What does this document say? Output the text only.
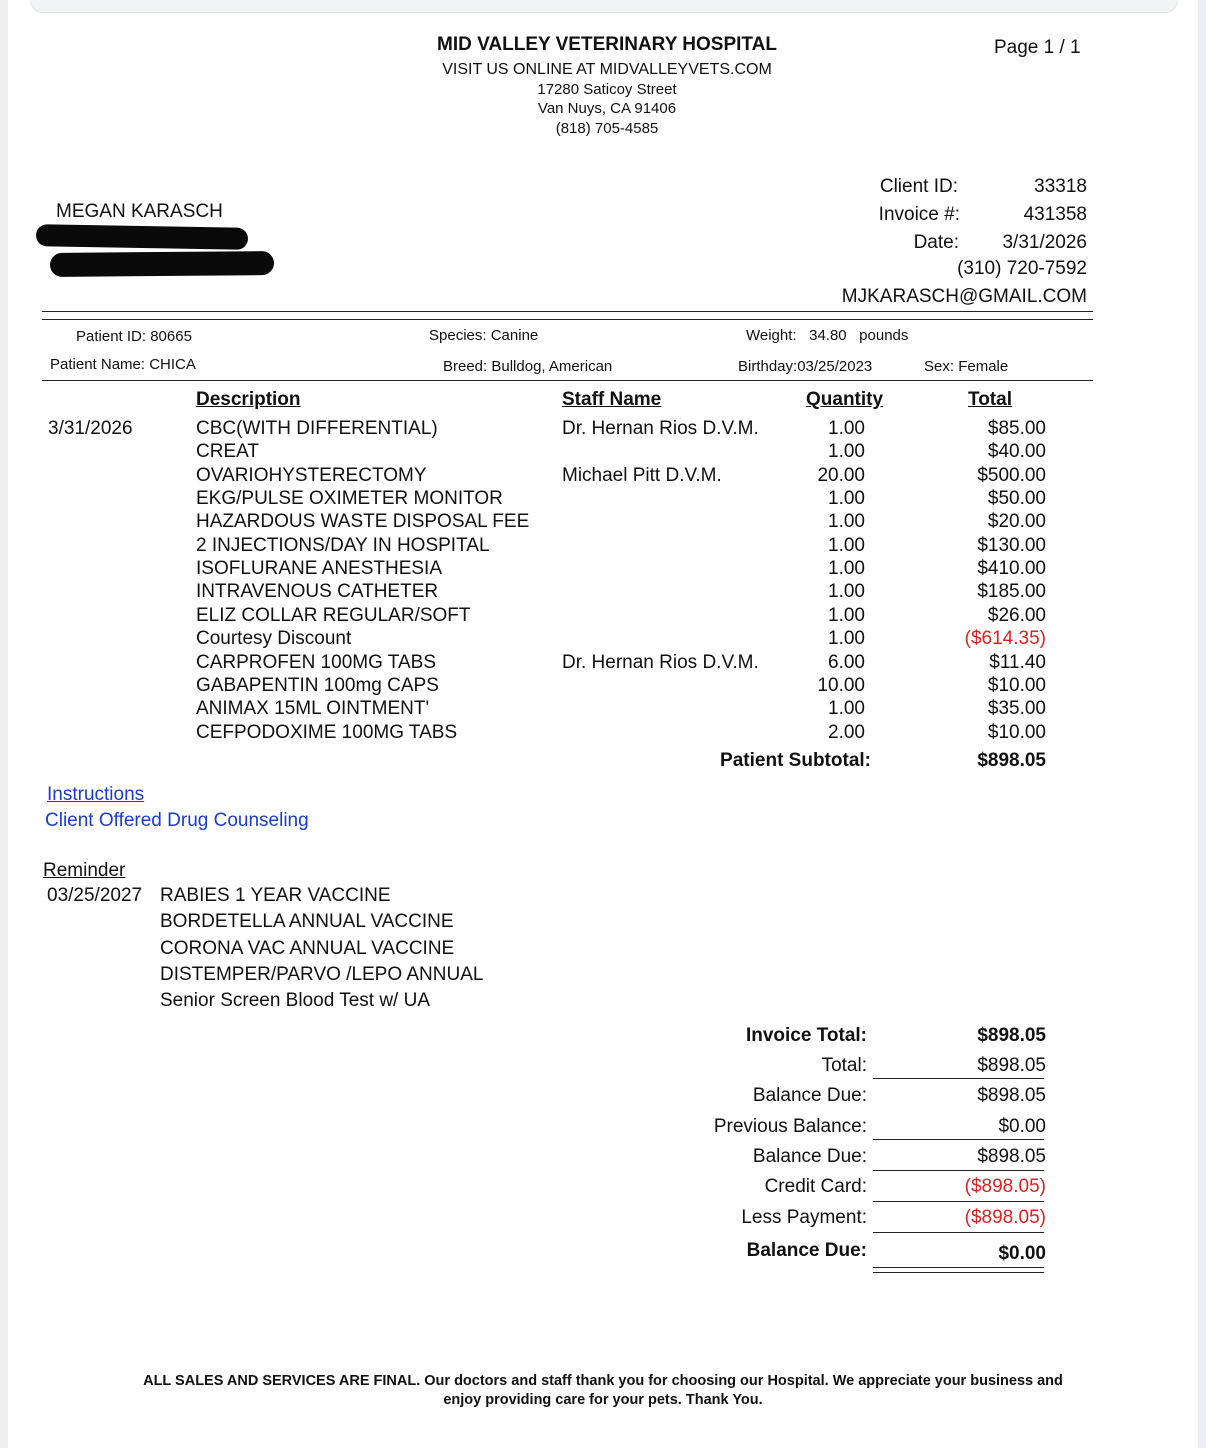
MID VALLEY VETERINARY HOSPITAL
VISIT US ONLINE AT MIDVALLEYVETS.COM
17280 Saticoy Street
Van Nuys, CA 91406
(818) 705-4585
Page 1 / 1
MEGAN KARASCH
Client ID:	33318
Invoice #:	431358
Date:	3/31/2026
(310) 720-7592
MJKARASCH@GMAIL.COM
Patient ID: 80665	Species: Canine	Weight: 34.80 pounds
Patient Name: CHICA	Breed: Bulldog, American	Birthday:03/25/2023	Sex: Female
Description	Staff Name	Quantity	Total
3/31/2026	CBC(WITH DIFFERENTIAL)	Dr. Hernan Rios D.V.M.	1.00	$85.00
CREAT	1.00	$40.00
OVARIOHYSTERECTOMY	Michael Pitt D.V.M.	20.00	$500.00
EKG/PULSE OXIMETER MONITOR	1.00	$50.00
HAZARDOUS WASTE DISPOSAL FEE	1.00	$20.00
2 INJECTIONS/DAY IN HOSPITAL	1.00	$130.00
ISOFLURANE ANESTHESIA	1.00	$410.00
INTRAVENOUS CATHETER	1.00	$185.00
ELIZ COLLAR REGULAR/SOFT	1.00	$26.00
Courtesy Discount	1.00	($614.35)
CARPROFEN 100MG TABS	Dr. Hernan Rios D.V.M.	6.00	$11.40
GABAPENTIN 100mg CAPS	10.00	$10.00
ANIMAX 15ML OINTMENT'	1.00	$35.00
CEFPODOXIME 100MG TABS	2.00	$10.00
Patient Subtotal:	$898.05
Instructions
Client Offered Drug Counseling
Reminder
03/25/2027 RABIES 1 YEAR VACCINE
BORDETELLA ANNUAL VACCINE
CORONA VAC ANNUAL VACCINE
DISTEMPER/PARVO /LEPO ANNUAL
Senior Screen Blood Test w/ UA
Invoice Total:	$898.05
Total:	$898.05
Balance Due:	$898.05
Previous Balance:	$0.00
Balance Due:	$898.05
Credit Card:	($898.05)
Less Payment:	($898.05)
Balance Due:	$0.00
ALL SALES AND SERVICES ARE FINAL. Our doctors and staff thank you for choosing our Hospital. We appreciate your business and
enjoy providing care for your pets. Thank You.
